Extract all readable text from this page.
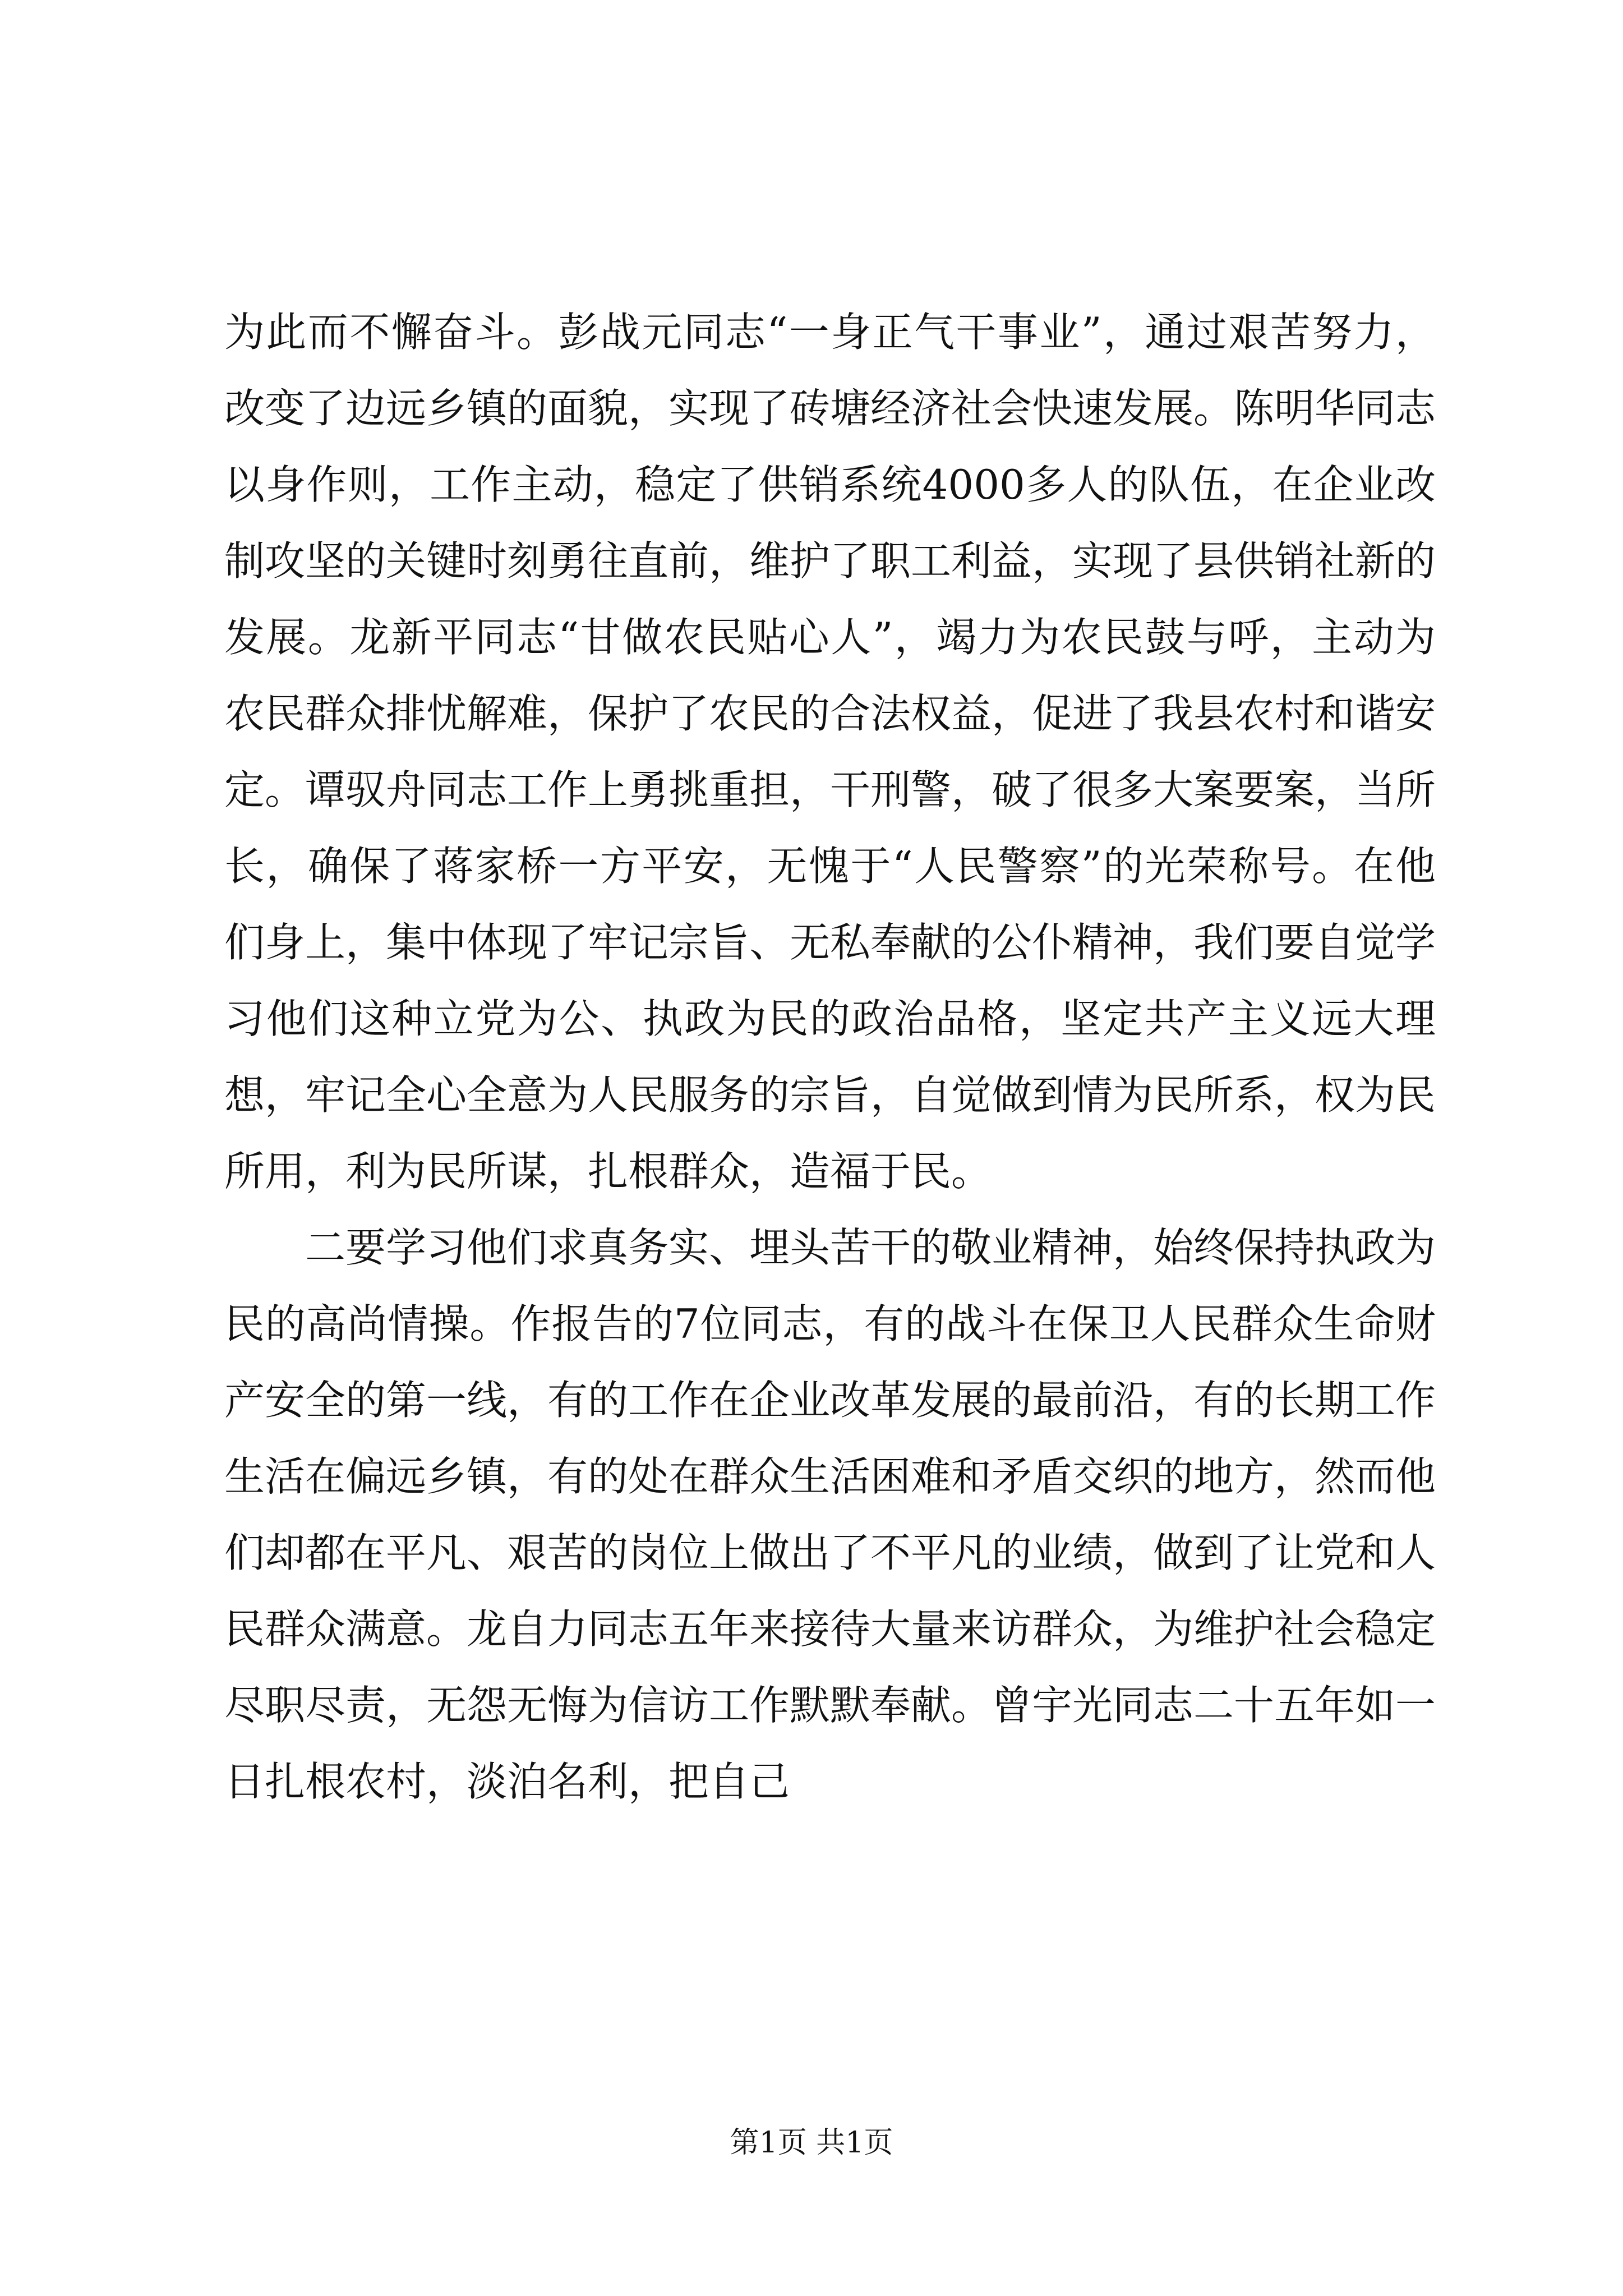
为此而不懈奋斗。彭战元同志“一身正气干事业”，通过艰苦努力，改变了边远乡镇的面貌，实现了砖塘经济社会快速发展。陈明华同志以身作则，工作主动，稳定了供销系统4000多人的队伍，在企业改制攻坚的关键时刻勇往直前，维护了职工利益，实现了县供销社新的发展。龙新平同志“甘做农民贴心人”，竭力为农民鼓与呼，主动为农民群众排忧解难，保护了农民的合法权益，促进了我县农村和谐安定。谭驭舟同志工作上勇挑重担，干刑警，破了很多大案要案，当所长，确保了蒋家桥一方平安，无愧于“人民警察”的光荣称号。在他们身上，集中体现了牢记宗旨、无私奉献的公仆精神，我们要自觉学习他们这种立党为公、执政为民的政治品格，坚定共产主义远大理想，牢记全心全意为人民服务的宗旨，自觉做到情为民所系，权为民所用，利为民所谋，扎根群众，造福于民。

二要学习他们求真务实、埋头苦干的敬业精神，始终保持执政为民的高尚情操。作报告的7位同志，有的战斗在保卫人民群众生命财产安全的第一线，有的工作在企业改革发展的最前沿，有的长期工作生活在偏远乡镇，有的处在群众生活困难和矛盾交织的地方，然而他们却都在平凡、艰苦的岗位上做出了不平凡的业绩，做到了让党和人民群众满意。龙自力同志五年来接待大量来访群众，为维护社会稳定尽职尽责，无怨无悔为信访工作默默奉献。曾宇光同志二十五年如一日扎根农村，淡泊名利，把自己

第1页 共1页
